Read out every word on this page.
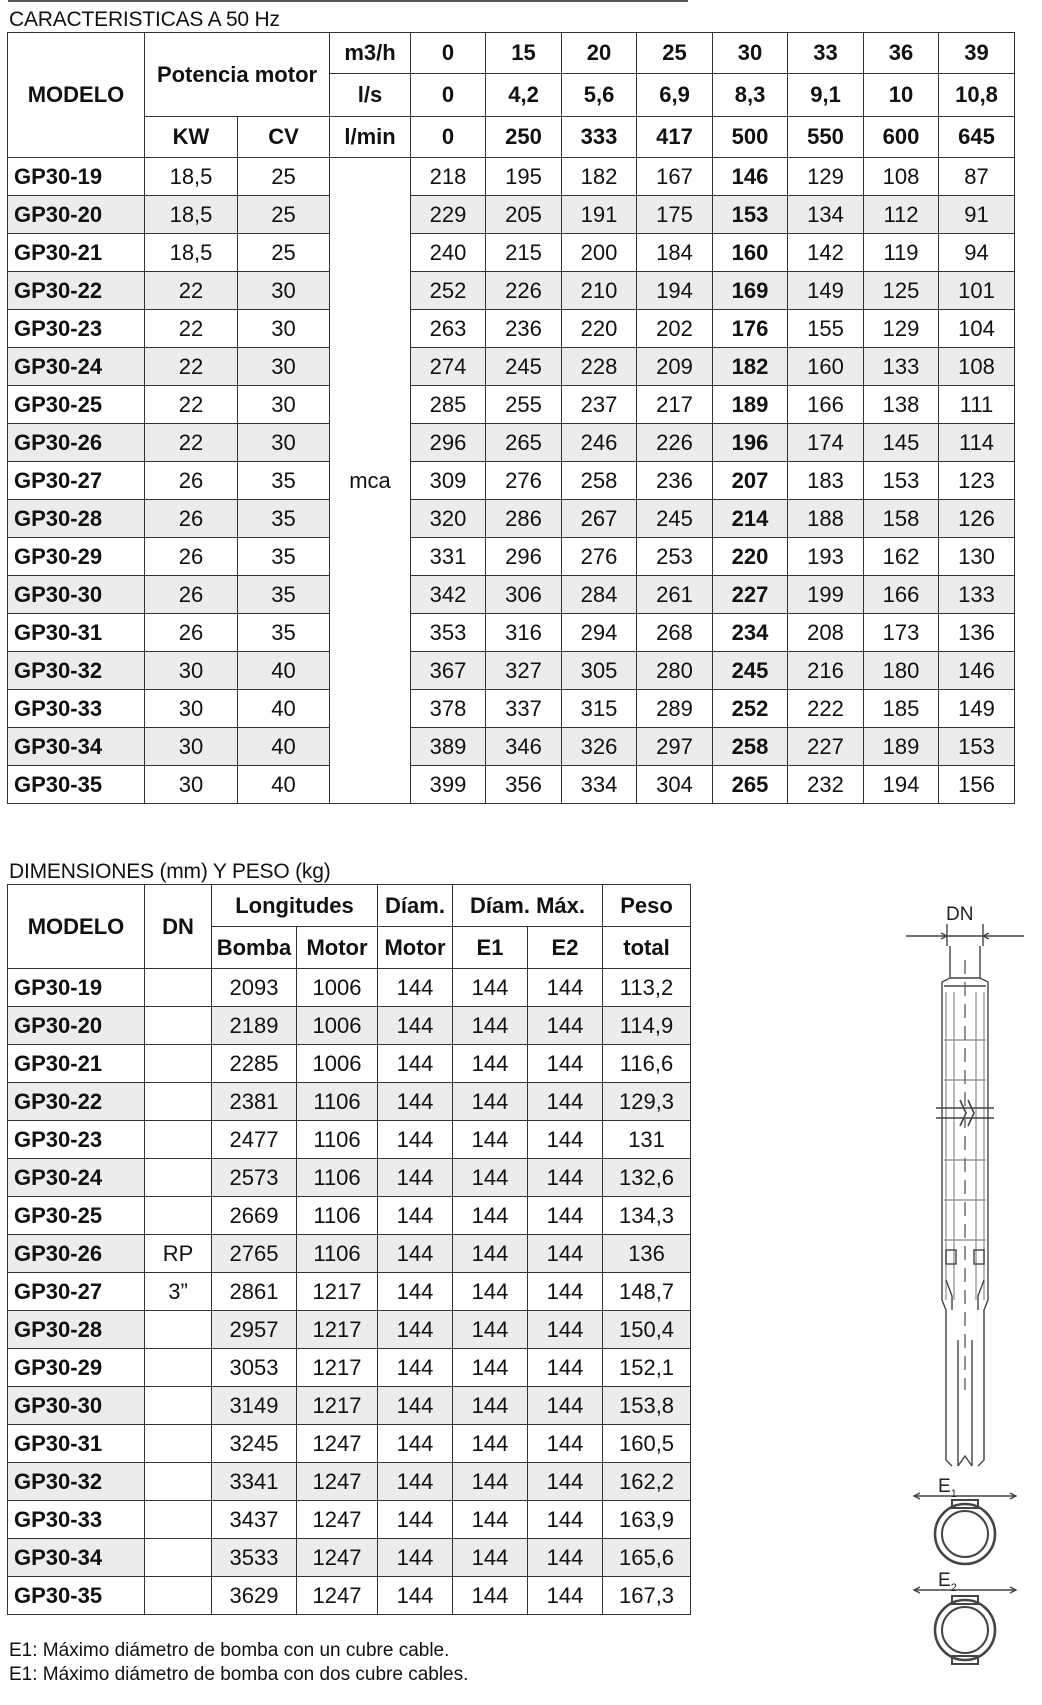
CARACTERISTICAS A 50 Hz
MODELO	Potencia motor		m3/h	0	15	20	25	30	33	36	39
			l/s	0	4,2	5,6	6,9	8,3	9,1	10	10,8
	KW	CV	l/min	0	250	333	417	500	550	600	645
GP30-19	18,5	25	mca	218	195	182	167	146	129	108	87
GP30-20	18,5	25		229	205	191	175	153	134	112	91
GP30-21	18,5	25		240	215	200	184	160	142	119	94
GP30-22	22	30		252	226	210	194	169	149	125	101
GP30-23	22	30		263	236	220	202	176	155	129	104
GP30-24	22	30		274	245	228	209	182	160	133	108
GP30-25	22	30		285	255	237	217	189	166	138	111
GP30-26	22	30		296	265	246	226	196	174	145	114
GP30-27	26	35		309	276	258	236	207	183	153	123
GP30-28	26	35		320	286	267	245	214	188	158	126
GP30-29	26	35		331	296	276	253	220	193	162	130
GP30-30	26	35		342	306	284	261	227	199	166	133
GP30-31	26	35		353	316	294	268	234	208	173	136
GP30-32	30	40		367	327	305	280	245	216	180	146
GP30-33	30	40		378	337	315	289	252	222	185	149
GP30-34	30	40		389	346	326	297	258	227	189	153
GP30-35	30	40		399	356	334	304	265	232	194	156
DIMENSIONES (mm) Y PESO (kg)
MODELO	DN	Longitudes		Díam.	Díam. Máx.		Peso
		Bomba	Motor	Motor	E1	E2	total
GP30-19		2093	1006	144	144	144	113,2
GP30-20		2189	1006	144	144	144	114,9
GP30-21		2285	1006	144	144	144	116,6
GP30-22		2381	1106	144	144	144	129,3
GP30-23		2477	1106	144	144	144	131
GP30-24		2573	1106	144	144	144	132,6
GP30-25		2669	1106	144	144	144	134,3
GP30-26	RP	2765	1106	144	144	144	136
GP30-27	3”	2861	1217	144	144	144	148,7
GP30-28		2957	1217	144	144	144	150,4
GP30-29		3053	1217	144	144	144	152,1
GP30-30		3149	1217	144	144	144	153,8
GP30-31		3245	1247	144	144	144	160,5
GP30-32		3341	1247	144	144	144	162,2
GP30-33		3437	1247	144	144	144	163,9
GP30-34		3533	1247	144	144	144	165,6
GP30-35		3629	1247	144	144	144	167,3
E1: Máximo diámetro de bomba con un cubre cable.
E1: Máximo diámetro de bomba con dos cubre cables.
DN
$E_1$
$E_2$
